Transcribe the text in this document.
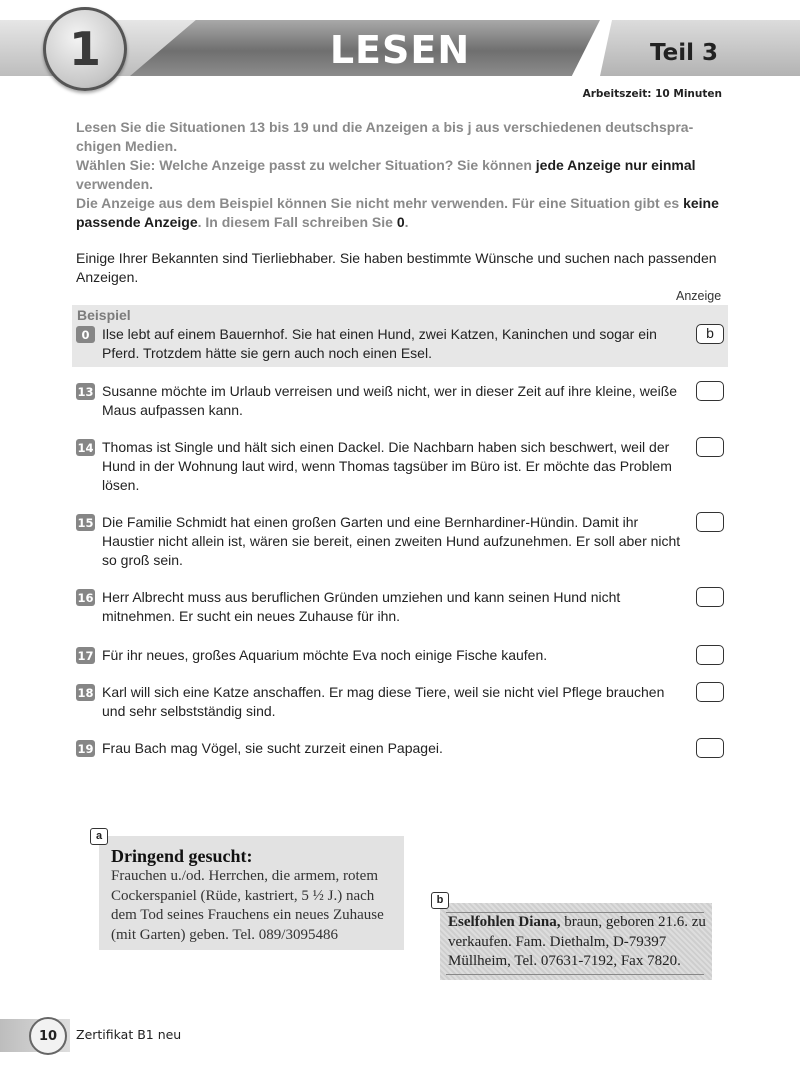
1	LESEN	Teil 3
Arbeitszeit: 10 Minuten

Lesen Sie die Situationen 13 bis 19 und die Anzeigen a bis j aus verschiedenen deutschsprachigen Medien.

Wählen Sie: Welche Anzeige passt zu welcher Situation? Sie können jede Anzeige nur einmal verwenden.

Die Anzeige aus dem Beispiel können Sie nicht mehr verwenden. Für eine Situation gibt es keine passende Anzeige. In diesem Fall schreiben Sie 0.

Einige Ihrer Bekannten sind Tierliebhaber. Sie haben bestimmte Wünsche und suchen nach passenden Anzeigen.
Anzeige
Beispiel
0 Ilse lebt auf einem Bauernhof. Sie hat einen Hund, zwei Katzen, Kaninchen und sogar ein Pferd. Trotzdem hätte sie gern auch noch einen Esel.
b
13 Susanne möchte im Urlaub verreisen und weiß nicht, wer in dieser Zeit auf ihre kleine, weiße Maus aufpassen kann.
14 Thomas ist Single und hält sich einen Dackel. Die Nachbarn haben sich beschwert, weil der Hund in der Wohnung laut wird, wenn Thomas tagsüber im Büro ist. Er möchte das Problem lösen.
15 Die Familie Schmidt hat einen großen Garten und eine Bernhardiner-Hündin. Damit ihr Haustier nicht allein ist, wären sie bereit, einen zweiten Hund aufzunehmen. Er soll aber nicht so groß sein.
16 Herr Albrecht muss aus beruflichen Gründen umziehen und kann seinen Hund nicht mitnehmen. Er sucht ein neues Zuhause für ihn.
17 Für ihr neues, großes Aquarium möchte Eva noch einige Fische kaufen.
18 Karl will sich eine Katze anschaffen. Er mag diese Tiere, weil sie nicht viel Pflege brauchen und sehr selbstständig sind.
19 Frau Bach mag Vögel, sie sucht zurzeit einen Papagei.
a
Dringend gesucht:
Frauchen u./od. Herrchen, die armem, rotem Cockerspaniel (Rüde, kastriert, 5 ½ J.) nach dem Tod seines Frauchens ein neues Zuhause (mit Garten) geben. Tel. 089/3095486
b
Eselfohlen Diana, braun, geboren 21.6. zu verkaufen. Fam. Diethalm, D-79397 Müllheim, Tel. 07631-7192, Fax 7820.
10	Zertifikat B1 neu
